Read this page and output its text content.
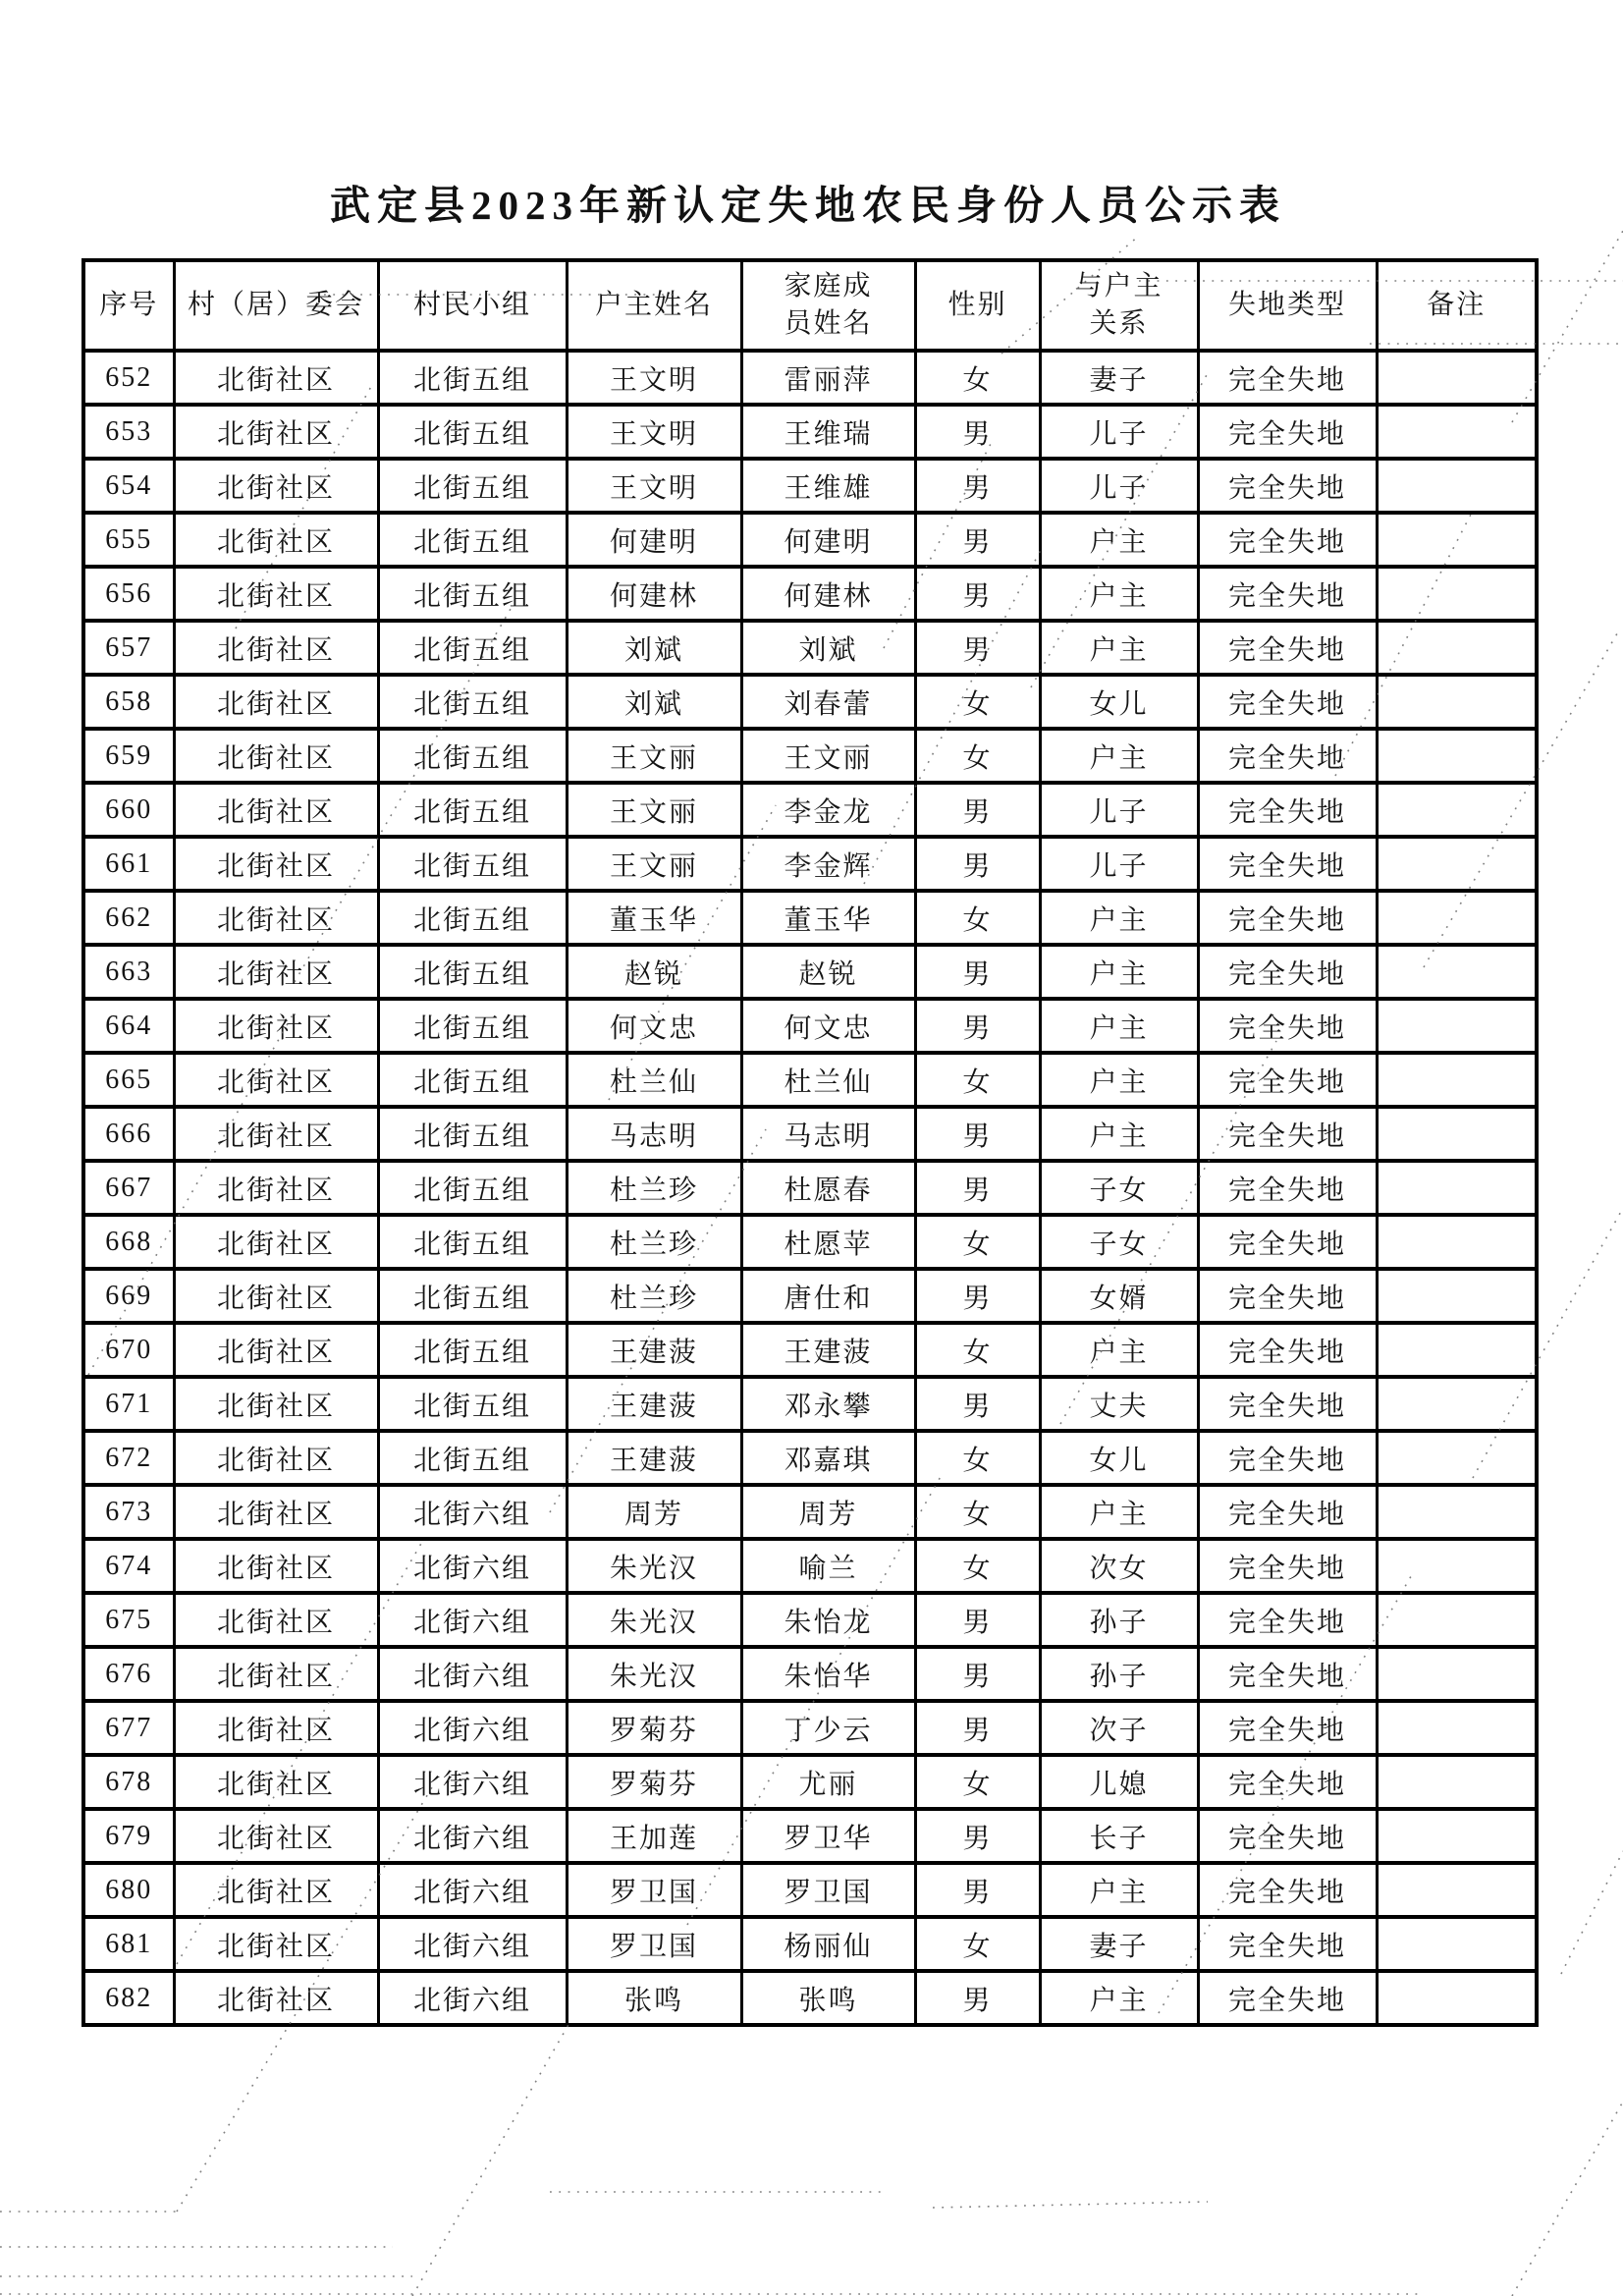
武定县2023年新认定失地农民身份人员公示表
序号	村（居）委会	村民小组	户主姓名	家庭成员姓名	性别	与户主关系	失地类型	备注
652	北街社区	北街五组	王文明	雷丽萍	女	妻子	完全失地	
653	北街社区	北街五组	王文明	王维瑞	男	儿子	完全失地	
654	北街社区	北街五组	王文明	王维雄	男	儿子	完全失地	
655	北街社区	北街五组	何建明	何建明	男	户主	完全失地	
656	北街社区	北街五组	何建林	何建林	男	户主	完全失地	
657	北街社区	北街五组	刘斌	刘斌	男	户主	完全失地	
658	北街社区	北街五组	刘斌	刘春蕾	女	女儿	完全失地	
659	北街社区	北街五组	王文丽	王文丽	女	户主	完全失地	
660	北街社区	北街五组	王文丽	李金龙	男	儿子	完全失地	
661	北街社区	北街五组	王文丽	李金辉	男	儿子	完全失地	
662	北街社区	北街五组	董玉华	董玉华	女	户主	完全失地	
663	北街社区	北街五组	赵锐	赵锐	男	户主	完全失地	
664	北街社区	北街五组	何文忠	何文忠	男	户主	完全失地	
665	北街社区	北街五组	杜兰仙	杜兰仙	女	户主	完全失地	
666	北街社区	北街五组	马志明	马志明	男	户主	完全失地	
667	北街社区	北街五组	杜兰珍	杜愿春	男	子女	完全失地	
668	北街社区	北街五组	杜兰珍	杜愿苹	女	子女	完全失地	
669	北街社区	北街五组	杜兰珍	唐仕和	男	女婿	完全失地	
670	北街社区	北街五组	王建菠	王建菠	女	户主	完全失地	
671	北街社区	北街五组	王建菠	邓永攀	男	丈夫	完全失地	
672	北街社区	北街五组	王建菠	邓嘉琪	女	女儿	完全失地	
673	北街社区	北街六组	周芳	周芳	女	户主	完全失地	
674	北街社区	北街六组	朱光汉	喻兰	女	次女	完全失地	
675	北街社区	北街六组	朱光汉	朱怡龙	男	孙子	完全失地	
676	北街社区	北街六组	朱光汉	朱怡华	男	孙子	完全失地	
677	北街社区	北街六组	罗菊芬	丁少云	男	次子	完全失地	
678	北街社区	北街六组	罗菊芬	尤丽	女	儿媳	完全失地	
679	北街社区	北街六组	王加莲	罗卫华	男	长子	完全失地	
680	北街社区	北街六组	罗卫国	罗卫国	男	户主	完全失地	
681	北街社区	北街六组	罗卫国	杨丽仙	女	妻子	完全失地	
682	北街社区	北街六组	张鸣	张鸣	男	户主	完全失地	
